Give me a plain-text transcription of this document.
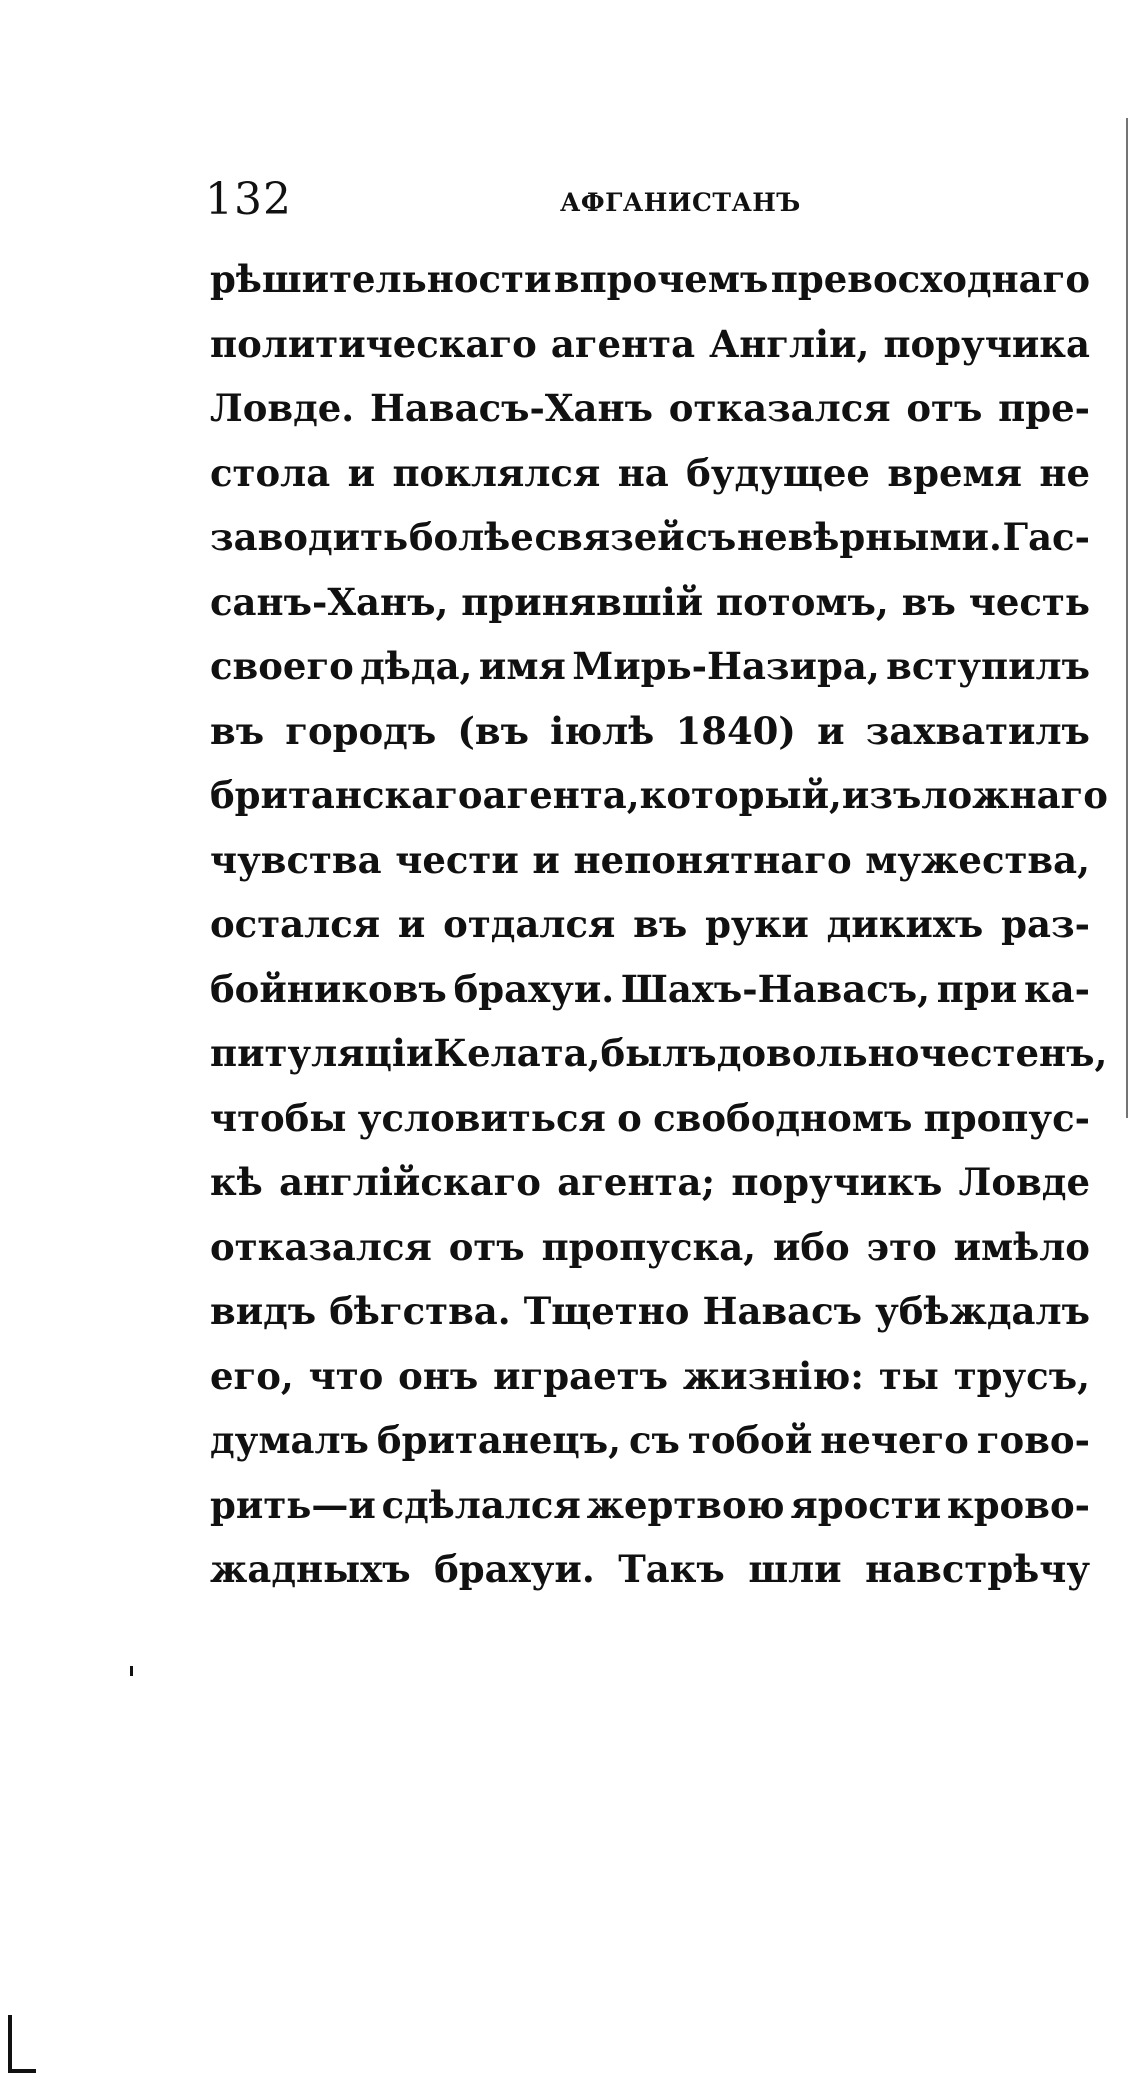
132	АФГАНИСТАНЪ
рѣшительности впрочемъ превосходнаго
политическаго агента Англіи, поручика
Ловде. Навасъ-Ханъ отказался отъ пре-
стола и поклялся на будущее время не
заводить болѣе связей съ невѣрными. Гас-
санъ-Ханъ, принявшій потомъ, въ честь
своего дѣда, имя Мирь-Назира, вступилъ
въ городъ (въ іюлѣ 1840) и захватилъ
британскаго агента, который, изъ ложнаго
чувства чести и непонятнаго мужества,
остался и отдался въ руки дикихъ раз-
бойниковъ брахуи. Шахъ-Навасъ, при ка-
питуляціи Келата, былъ довольно честенъ,
чтобы условиться о свободномъ пропус-
кѣ англійскаго агента; поручикъ Ловде
отказался отъ пропуска, ибо это имѣло
видъ бѣгства. Тщетно Навасъ убѣждалъ
его, что онъ играетъ жизнію: ты трусъ,
думалъ британецъ, съ тобой нечего гово-
рить—и сдѣлался жертвою ярости крово-
жадныхъ брахуи. Такъ шли навстрѣчу
